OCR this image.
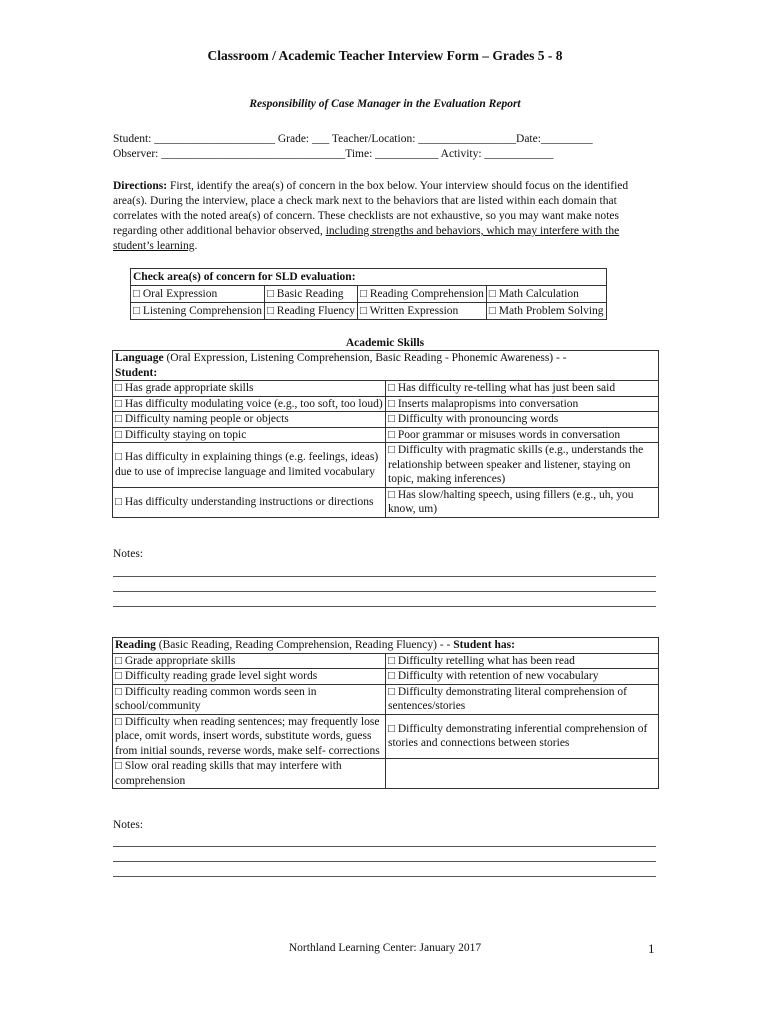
Classroom / Academic Teacher Interview Form – Grades 5 - 8
Responsibility of Case Manager in the Evaluation Report
Student: _____________________ Grade: ___ Teacher/Location: _________________Date:_________
Observer: ________________________________Time: ___________ Activity: ____________
Directions: First, identify the area(s) of concern in the box below. Your interview should focus on the identified area(s). During the interview, place a check mark next to the behaviors that are listed within each domain that correlates with the noted area(s) of concern. These checklists are not exhaustive, so you may want make notes regarding other additional behavior observed, including strengths and behaviors, which may interfere with the student’s learning.
Check area(s) of concern for SLD evaluation:			
□ Oral Expression	□ Basic Reading	□ Reading Comprehension	□ Math Calculation
□ Listening Comprehension	□ Reading Fluency	□ Written Expression	□ Math Problem Solving
Academic Skills
Language (Oral Expression, Listening Comprehension, Basic Reading - Phonemic Awareness) - -
Student:	
□ Has grade appropriate skills	□ Has difficulty re-telling what has just been said
□ Has difficulty modulating voice (e.g., too soft, too loud)	□ Inserts malapropisms into conversation
□ Difficulty naming people or objects	□ Difficulty with pronouncing words
□ Difficulty staying on topic	□ Poor grammar or misuses words in conversation
□ Has difficulty in explaining things (e.g. feelings, ideas) due to use of imprecise language and limited vocabulary	□ Difficulty with pragmatic skills (e.g., understands the relationship between speaker and listener, staying on topic, making inferences)
□ Has difficulty understanding instructions or directions	□ Has slow/halting speech, using fillers (e.g., uh, you know, um)
Notes:
Reading (Basic Reading, Reading Comprehension, Reading Fluency) - - Student has:	
□ Grade appropriate skills	□ Difficulty retelling what has been read
□ Difficulty reading grade level sight words	□ Difficulty with retention of new vocabulary
□ Difficulty reading common words seen in school/community	□ Difficulty demonstrating literal comprehension of sentences/stories
□ Difficulty when reading sentences; may frequently lose place, omit words, insert words, substitute words, guess from initial sounds, reverse words, make self- corrections	□ Difficulty demonstrating inferential comprehension of stories and connections between stories
□ Slow oral reading skills that may interfere with comprehension	
Notes:
Northland Learning Center: January 2017	1
